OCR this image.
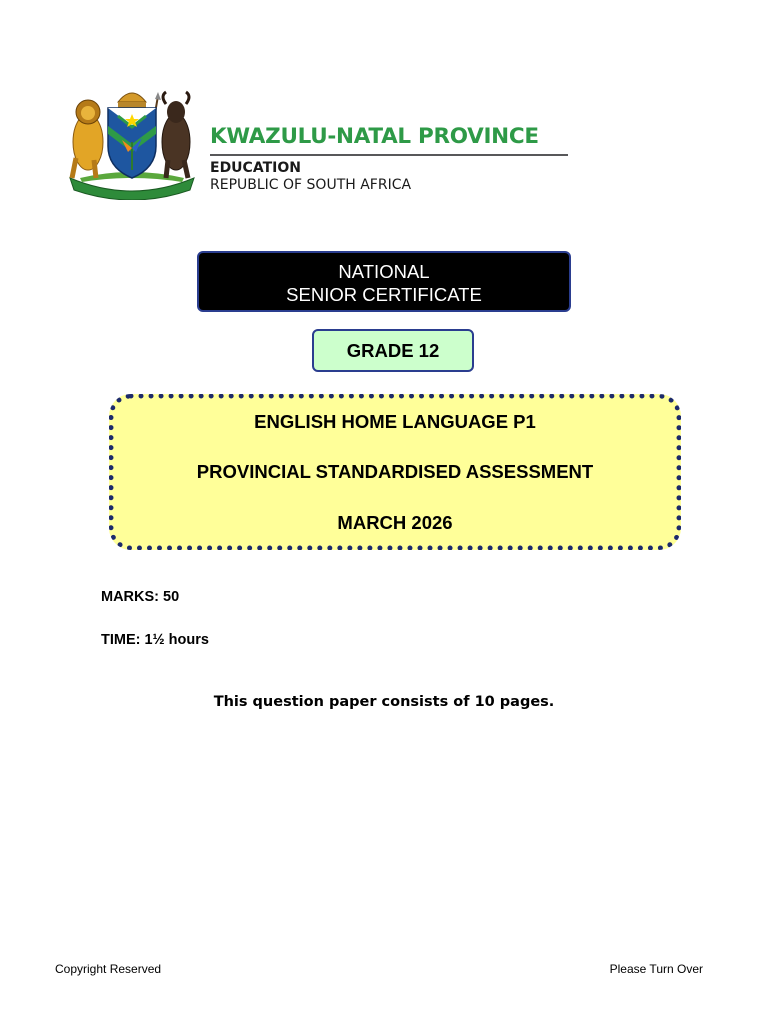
KWAZULU-NATAL PROVINCE
EDUCATION
REPUBLIC OF SOUTH AFRICA
NATIONAL
SENIOR CERTIFICATE
GRADE 12
ENGLISH HOME LANGUAGE P1
PROVINCIAL STANDARDISED ASSESSMENT
MARCH 2026
MARKS: 50
TIME: 1½ hours
This question paper consists of 10 pages.
Copyright Reserved	Please Turn Over
